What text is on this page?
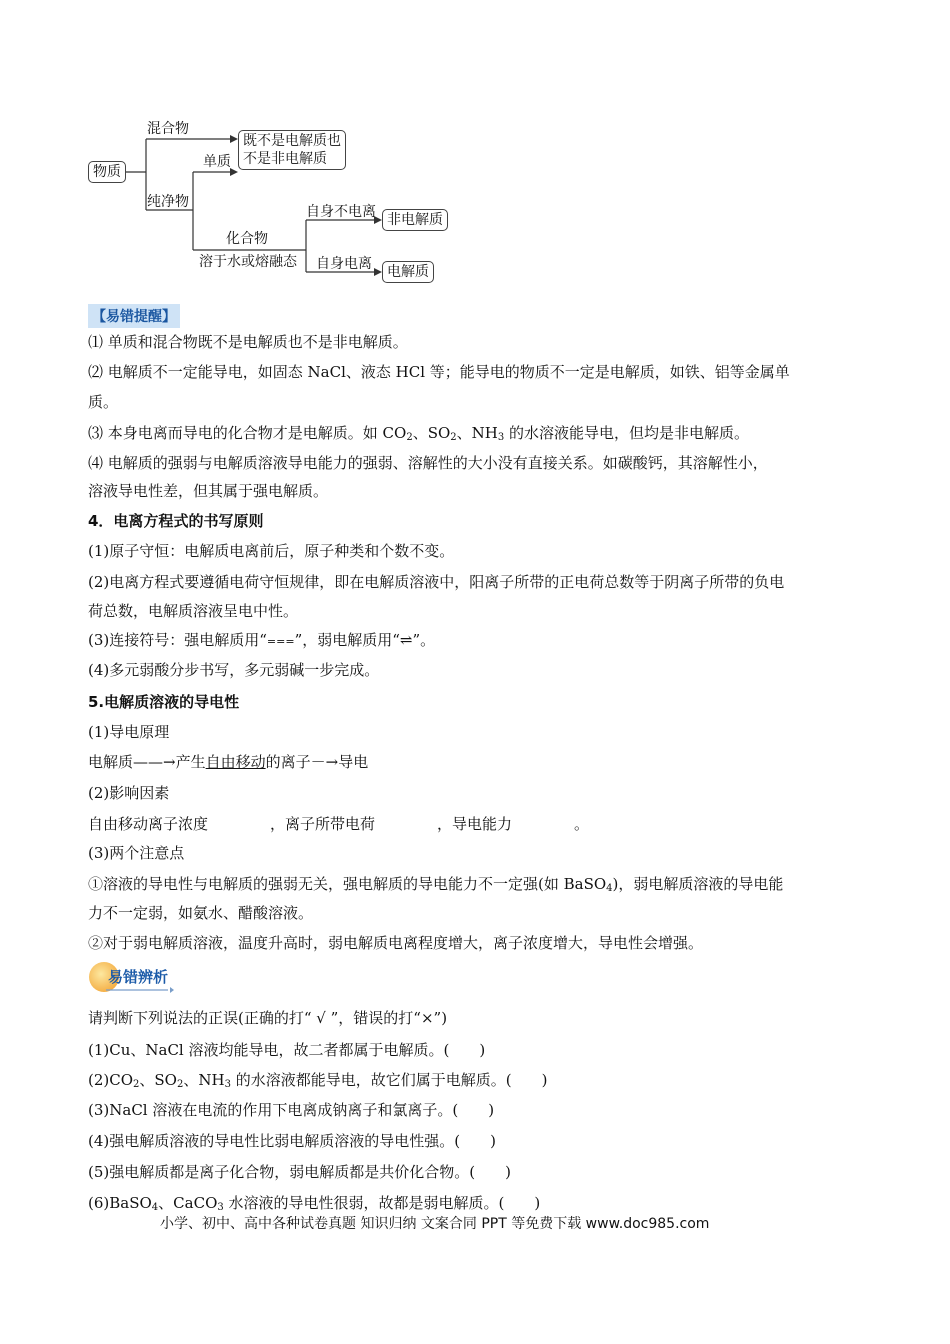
物质
混合物
纯净物
单质
化合物
溶于水或熔融态
自身不电离
自身电离
既不是电解质也
不是非电解质
非电解质
电解质
【易错提醒】
⑴ 单质和混合物既不是电解质也不是非电解质。
⑵ 电解质不一定能导电，如固态 NaCl、液态 HCl 等；能导电的物质不一定是电解质，如铁、铝等金属单
质。
⑶ 本身电离而导电的化合物才是电解质。如 $CO_2$、$SO_2$、$NH_3$ 的水溶液能导电，但均是非电解质。
⑷ 电解质的强弱与电解质溶液导电能力的强弱、溶解性的大小没有直接关系。如碳酸钙，其溶解性小，
溶液导电性差，但其属于强电解质。
4．电离方程式的书写原则
(1)原子守恒：电解质电离前后，原子种类和个数不变。
(2)电离方程式要遵循电荷守恒规律，即在电解质溶液中，阳离子所带的正电荷总数等于阴离子所带的负电
荷总数，电解质溶液呈电中性。
(3)连接符号：强电解质用“===”，弱电解质用“⇌”。
(4)多元弱酸分步书写，多元弱碱一步完成。
5.电解质溶液的导电性
(1)导电原理
电解质——→产生自由移动的离子－→导电
(2)影响因素
自由移动离子浓度	，离子所带电荷	，导电能力	。
(3)两个注意点
①溶液的导电性与电解质的强弱无关，强电解质的导电能力不一定强(如 BaSO$_4$)，弱电解质溶液的导电能
力不一定弱，如氨水、醋酸溶液。
②对于弱电解质溶液，温度升高时，弱电解质电离程度增大，离子浓度增大，导电性会增强。
易错辨析
请判断下列说法的正误(正确的打“ √ ”，错误的打“×”)
(1)Cu、NaCl 溶液均能导电，故二者都属于电解质。(　　)
$(2)CO_2$、$SO_2$、$NH_3$ 的水溶液都能导电，故它们属于电解质。(　　)
(3)NaCl 溶液在电流的作用下电离成钠离子和氯离子。(　　)
(4)强电解质溶液的导电性比弱电解质溶液的导电性强。(　　)
(5)强电解质都是离子化合物，弱电解质都是共价化合物。(　　)
(6)BaSO$_4$、CaCO$_3$ 水溶液的导电性很弱，故都是弱电解质。(　　)
小学、初中、高中各种试卷真题 知识归纳 文案合同 PPT 等免费下载 www.doc985.com
